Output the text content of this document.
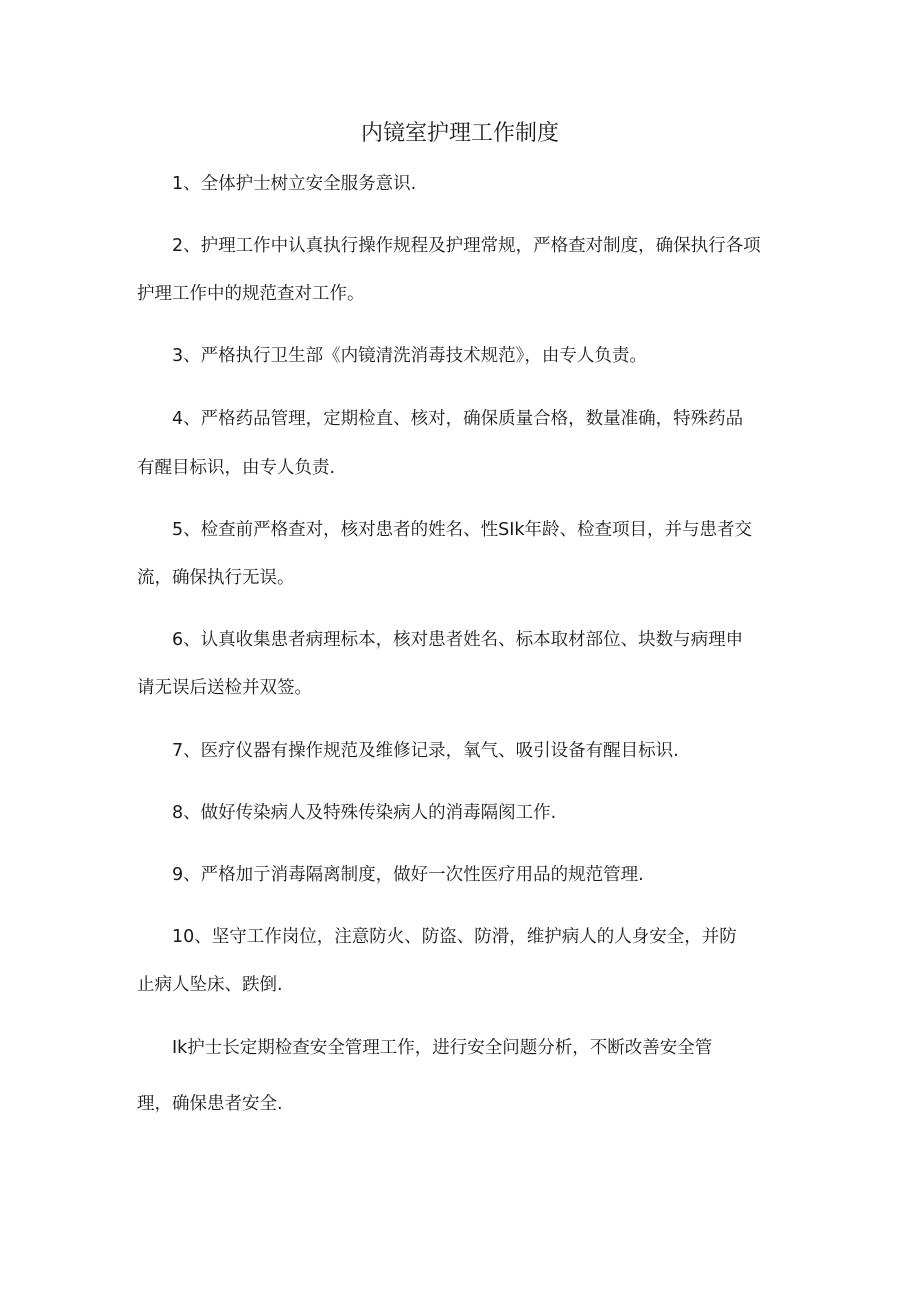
内镜室护理工作制度
1、全体护士树立安全服务意识.
2、护理工作中认真执行操作规程及护理常规，严格查对制度，确保执行各项
护理工作中的规范查对工作。
3、严格执行卫生部《内镜清洗消毒技术规范》，由专人负责。
4、严格药品管理，定期检直、核对，确保质量合格，数量准确，特殊药品
有醒目标识，由专人负责.
5、检查前严格查对，核对患者的姓名、性SIk年龄、检查项目，并与患者交
流，确保执行无误。
6、认真收集患者病理标本，核对患者姓名、标本取材部位、块数与病理申
请无误后送检并双签。
7、医疗仪器有操作规范及维修记录，氧气、吸引设备有醒目标识.
8、做好传染病人及特殊传染病人的消毒隔阂工作.
9、严格加亍消毒隔离制度，做好一次性医疗用品的规范管理.
10、坚守工作岗位，注意防火、防盗、防滑，维护病人的人身安全，并防
止病人坠床、跌倒.
Ik护士长定期检查安全管理工作，进行安全问题分析，不断改善安全管
理，确保患者安全.
